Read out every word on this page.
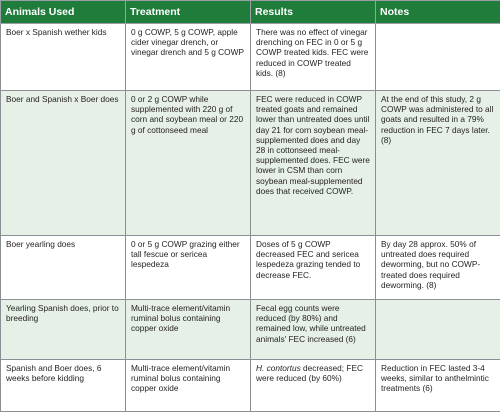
Animals Used	Treatment	Results	Notes
Boer x Spanish wether kids	0 g COWP, 5 g COWP, apple cider vinegar drench, or vinegar drench and 5 g COWP	There was no effect of vinegar drenching on FEC in 0 or 5 g COWP treated kids. FEC were reduced in COWP treated kids. (8)	
Boer and Spanish x Boer does	0 or 2 g COWP while supplemented with 220 g of corn and soybean meal or 220 g of cottonseed meal	FEC were reduced in COWP treated goats and remained lower than untreated does until day 21 for corn soybean meal-supplemented does and day 28 in cottonseed meal-supplemented does. FEC were lower in CSM than corn soybean meal-supplemented does that received COWP.	At the end of this study, 2 g COWP was administered to all goats and resulted in a 79% reduction in FEC 7 days later. (8)
Boer yearling does	0 or 5 g COWP grazing either tall fescue or sericea lespedeza	Doses of 5 g COWP decreased FEC and sericea lespedeza grazing tended to decrease FEC.	By day 28 approx. 50% of untreated does required deworming, but no COWP-treated does required deworming. (8)
Yearling Spanish does, prior to breeding	Multi-trace element/vitamin ruminal bolus containing copper oxide	Fecal egg counts were reduced (by 80%) and remained low, while untreated animals' FEC increased (6)	
Spanish and Boer does, 6 weeks before kidding	Multi-trace element/vitamin ruminal bolus containing copper oxide	H. contortus decreased; FEC were reduced (by 60%)	Reduction in FEC lasted 3-4 weeks, similar to anthelmintic treatments (6)
